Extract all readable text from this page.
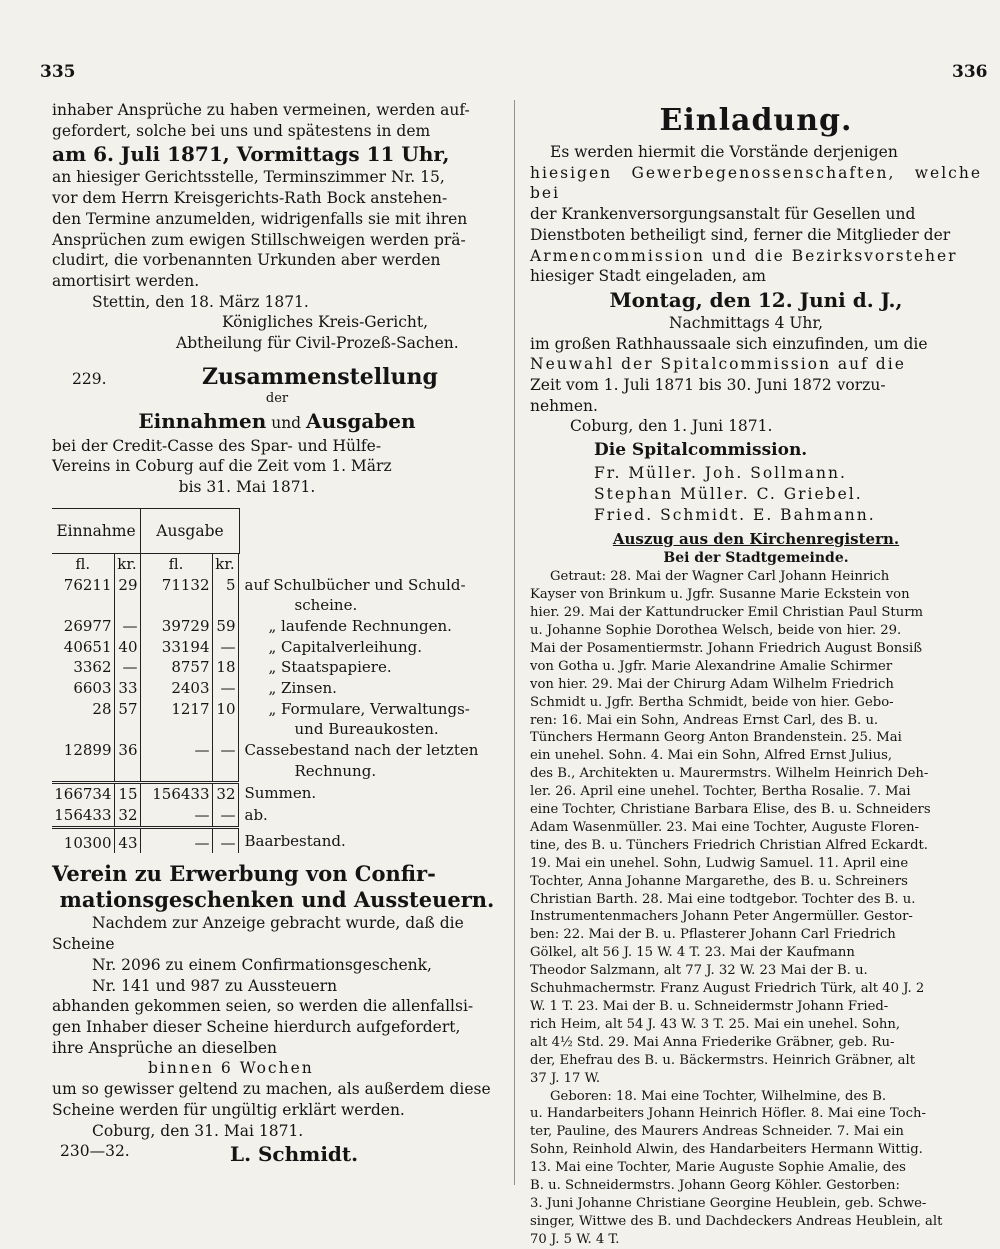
335	336

inhaber Ansprüche zu haben vermeinen, werden auf-

gefordert, solche bei uns und spätestens in dem

am 6. Juli 1871, Vormittags 11 Uhr,

an hiesiger Gerichtsstelle, Terminszimmer Nr. 15,

vor dem Herrn Kreisgerichts-Rath Bock anstehen-

den Termine anzumelden, widrigenfalls sie mit ihren

Ansprüchen zum ewigen Stillschweigen werden prä-

cludirt, die vorbenannten Urkunden aber werden

amortisirt werden.

Stettin, den 18. März 1871.

Königliches Kreis-Gericht,

Abtheilung für Civil-Prozeß-Sachen.

229.	Zusammenstellung

der

Einnahmen und Ausgaben

bei der Credit-Casse des Spar- und Hülfe-

Vereins in Coburg auf die Zeit vom 1. März

bis 31. Mai 1871.

Einnahme	Ausgabe
fl.	kr.	fl.	kr.	
76211	29	71132	5	auf Schulbücher und Schuld-
				scheine.
26977	—	39729	59	„ laufende Rechnungen.
40651	40	33194	—	„ Capitalverleihung.
3362	—	8757	18	„ Staatspapiere.
6603	33	2403	—	„ Zinsen.
28	57	1217	10	„ Formulare, Verwaltungs-
				und Bureaukosten.
12899	36	—	—	Cassebestand nach der letzten
				Rechnung.
166734	15	156433	32	Summen.
156433	32	—	—	ab.
10300	43	—	—	Baarbestand.

Verein zu Erwerbung von Confir-

mationsgeschenken und Aussteuern.

Nachdem zur Anzeige gebracht wurde, daß die

Scheine

Nr. 2096 zu einem Confirmationsgeschenk,

Nr. 141 und 987 zu Aussteuern

abhanden gekommen seien, so werden die allenfallsi-

gen Inhaber dieser Scheine hierdurch aufgefordert,

ihre Ansprüche an dieselben

binnen 6 Wochen

um so gewisser geltend zu machen, als außerdem diese

Scheine werden für ungültig erklärt werden.

Coburg, den 31. Mai 1871.

230—32.	L. Schmidt.

Einladung.

Es werden hiermit die Vorstände derjenigen

hiesigen Gewerbegenossenschaften, welche bei

der Krankenversorgungsanstalt für Gesellen und

Dienstboten betheiligt sind, ferner die Mitglieder der

Armencommission und die Bezirksvorsteher

hiesiger Stadt eingeladen, am

Montag, den 12. Juni d. J.,

Nachmittags 4 Uhr,

im großen Rathhaussaale sich einzufinden, um die

Neuwahl der Spitalcommission auf die

Zeit vom 1. Juli 1871 bis 30. Juni 1872 vorzu-

nehmen.

Coburg, den 1. Juni 1871.

Die Spitalcommission.

Fr. Müller. Joh. Sollmann.

Stephan Müller. C. Griebel.

Fried. Schmidt. E. Bahmann.

Auszug aus den Kirchenregistern.

Bei der Stadtgemeinde.

Getraut: 28. Mai der Wagner Carl Johann Heinrich

Kayser von Brinkum u. Jgfr. Susanne Marie Eckstein von

hier. 29. Mai der Kattundrucker Emil Christian Paul Sturm

u. Johanne Sophie Dorothea Welsch, beide von hier. 29.

Mai der Posamentiermstr. Johann Friedrich August Bonsiß

von Gotha u. Jgfr. Marie Alexandrine Amalie Schirmer

von hier. 29. Mai der Chirurg Adam Wilhelm Friedrich

Schmidt u. Jgfr. Bertha Schmidt, beide von hier. Gebo-

ren: 16. Mai ein Sohn, Andreas Ernst Carl, des B. u.

Tünchers Hermann Georg Anton Brandenstein. 25. Mai

ein unehel. Sohn. 4. Mai ein Sohn, Alfred Ernst Julius,

des B., Architekten u. Maurermstrs. Wilhelm Heinrich Deh-

ler. 26. April eine unehel. Tochter, Bertha Rosalie. 7. Mai

eine Tochter, Christiane Barbara Elise, des B. u. Schneiders

Adam Wasenmüller. 23. Mai eine Tochter, Auguste Floren-

tine, des B. u. Tünchers Friedrich Christian Alfred Eckardt.

19. Mai ein unehel. Sohn, Ludwig Samuel. 11. April eine

Tochter, Anna Johanne Margarethe, des B. u. Schreiners

Christian Barth. 28. Mai eine todtgebor. Tochter des B. u.

Instrumentenmachers Johann Peter Angermüller. Gestor-

ben: 22. Mai der B. u. Pflasterer Johann Carl Friedrich

Gölkel, alt 56 J. 15 W. 4 T. 23. Mai der Kaufmann

Theodor Salzmann, alt 77 J. 32 W. 23 Mai der B. u.

Schuhmachermstr. Franz August Friedrich Türk, alt 40 J. 2

W. 1 T. 23. Mai der B. u. Schneidermstr Johann Fried-

rich Heim, alt 54 J. 43 W. 3 T. 25. Mai ein unehel. Sohn,

alt 4½ Std. 29. Mai Anna Friederike Gräbner, geb. Ru-

der, Ehefrau des B. u. Bäckermstrs. Heinrich Gräbner, alt

37 J. 17 W.

Geboren: 18. Mai eine Tochter, Wilhelmine, des B.

u. Handarbeiters Johann Heinrich Höfler. 8. Mai eine Toch-

ter, Pauline, des Maurers Andreas Schneider. 7. Mai ein

Sohn, Reinhold Alwin, des Handarbeiters Hermann Wittig.

13. Mai eine Tochter, Marie Auguste Sophie Amalie, des

B. u. Schneidermstrs. Johann Georg Köhler. Gestorben:

3. Juni Johanne Christiane Georgine Heublein, geb. Schwe-

singer, Wittwe des B. und Dachdeckers Andreas Heublein, alt

70 J. 5 W. 4 T.
